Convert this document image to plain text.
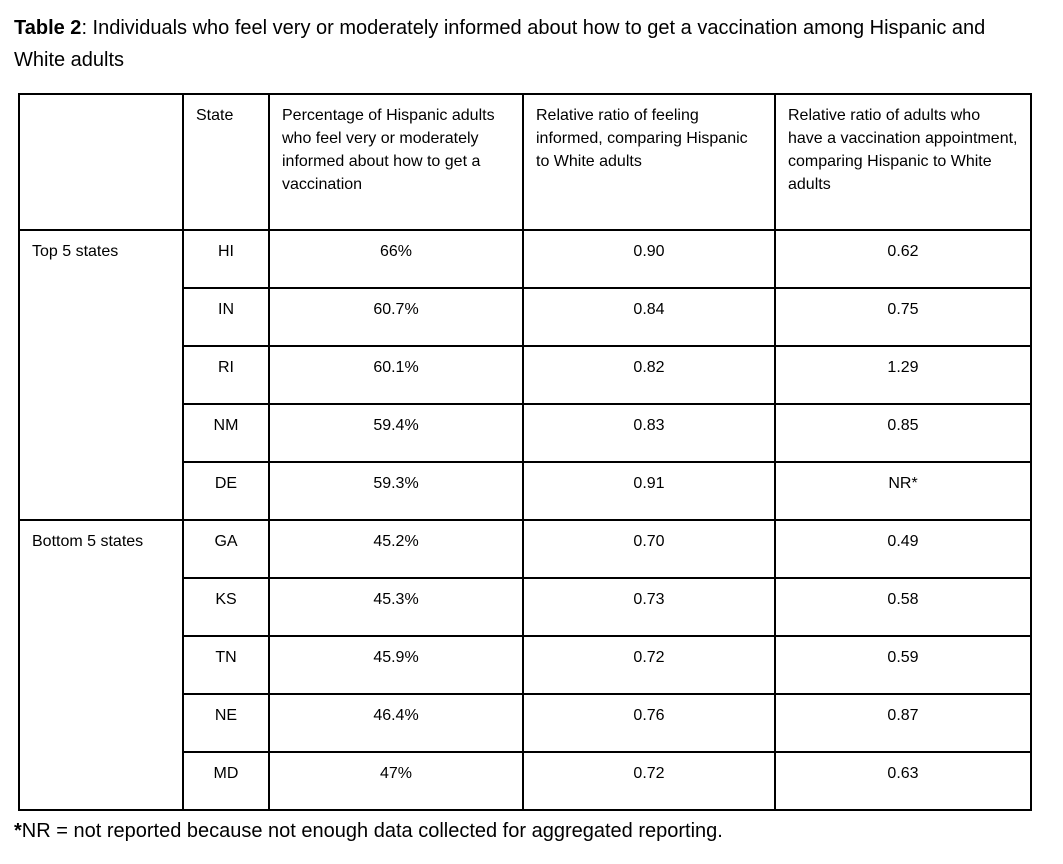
Table 2: Individuals who feel very or moderately informed about how to get a vaccination among Hispanic and White adults
	State	Percentage of Hispanic adults who feel very or moderately informed about how to get a vaccination	Relative ratio of feeling informed, comparing Hispanic to White adults	Relative ratio of adults who have a vaccination appointment, comparing Hispanic to White adults
Top 5 states	HI	66%	0.90	0.62
	IN	60.7%	0.84	0.75
	RI	60.1%	0.82	1.29
	NM	59.4%	0.83	0.85
	DE	59.3%	0.91	NR*
Bottom 5 states	GA	45.2%	0.70	0.49
	KS	45.3%	0.73	0.58
	TN	45.9%	0.72	0.59
	NE	46.4%	0.76	0.87
	MD	47%	0.72	0.63
*NR = not reported because not enough data collected for aggregated reporting.
